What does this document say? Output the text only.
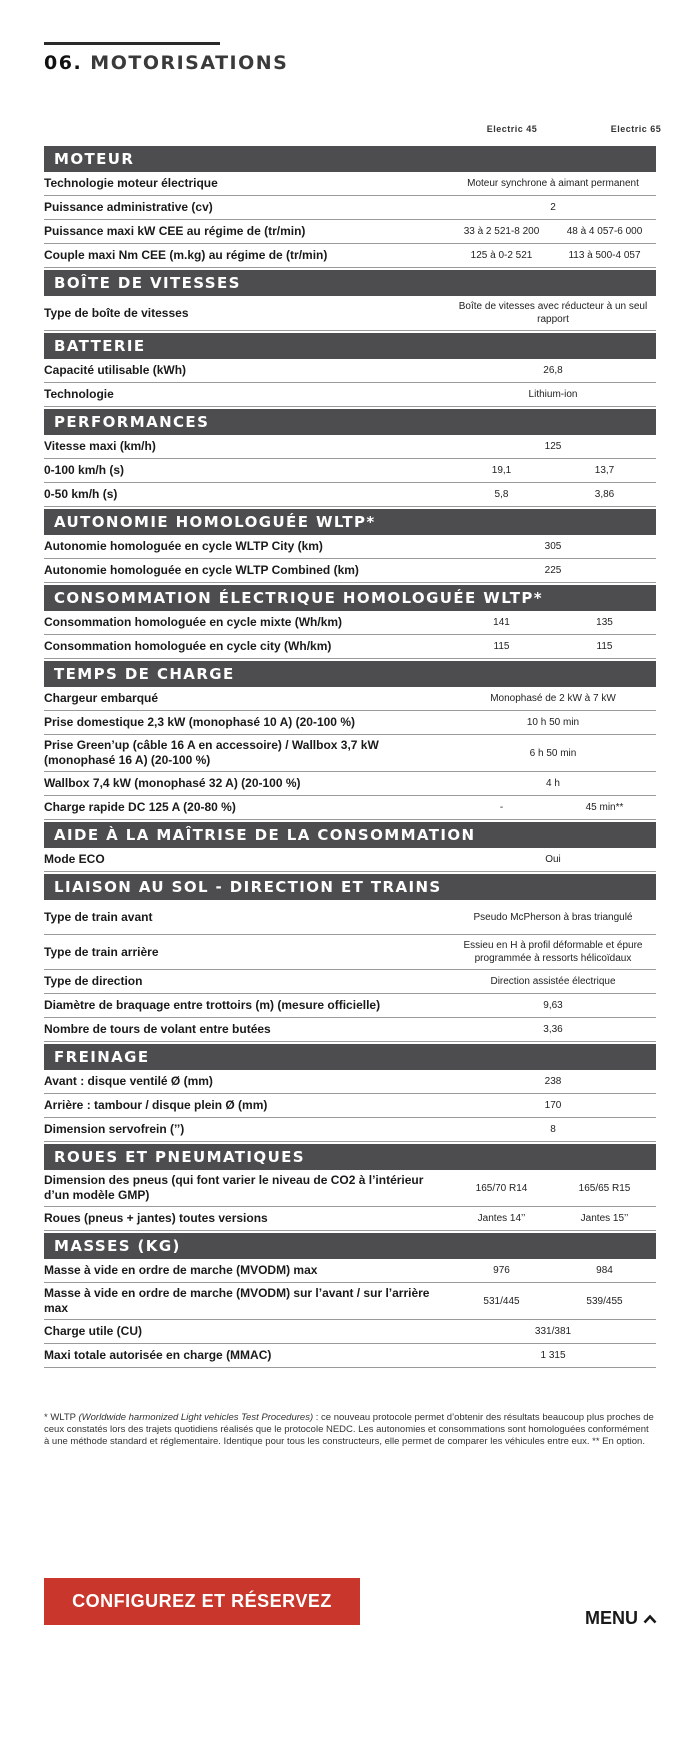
06. MOTORISATIONS
Electric 45	Electric 65
MOTEUR
Technologie moteur électrique	Moteur synchrone à aimant permanent
Puissance administrative (cv)	2
Puissance maxi kW CEE au régime de (tr/min)	33 à 2 521-8 200	48 à 4 057-6 000
Couple maxi Nm CEE (m.kg) au régime de (tr/min)	125 à 0-2 521	113 à 500-4 057
BOÎTE DE VITESSES
Type de boîte de vitesses	Boîte de vitesses avec réducteur à un seul rapport
BATTERIE
Capacité utilisable (kWh)	26,8
Technologie	Lithium-ion
PERFORMANCES
Vitesse maxi (km/h)	125
0-100 km/h (s)	19,1	13,7
0-50 km/h (s)	5,8	3,86
AUTONOMIE HOMOLOGUÉE WLTP*
Autonomie homologuée en cycle WLTP City (km)	305
Autonomie homologuée en cycle WLTP Combined (km)	225
CONSOMMATION ÉLECTRIQUE HOMOLOGUÉE WLTP*
Consommation homologuée en cycle mixte (Wh/km)	141	135
Consommation homologuée en cycle city (Wh/km)	115	115
TEMPS DE CHARGE
Chargeur embarqué	Monophasé de 2 kW à 7 kW
Prise domestique 2,3 kW (monophasé 10 A) (20-100 %)	10 h 50 min
Prise Green’up (câble 16 A en accessoire) / Wallbox 3,7 kW (monophasé 16 A) (20-100 %)	6 h 50 min
Wallbox 7,4 kW (monophasé 32 A) (20-100 %)	4 h
Charge rapide DC 125 A (20-80 %)	-	45 min**
AIDE À LA MAÎTRISE DE LA CONSOMMATION
Mode ECO	Oui
LIAISON AU SOL - DIRECTION ET TRAINS
Type de train avant	Pseudo McPherson à bras triangulé
Type de train arrière	Essieu en H à profil déformable et épure programmée à ressorts hélicoïdaux
Type de direction	Direction assistée électrique
Diamètre de braquage entre trottoirs (m) (mesure officielle)	9,63
Nombre de tours de volant entre butées	3,36
FREINAGE
Avant : disque ventilé Ø (mm)	238
Arrière : tambour / disque plein Ø (mm)	170
Dimension servofrein (’’)	8
ROUES ET PNEUMATIQUES
Dimension des pneus (qui font varier le niveau de CO2 à l’intérieur d’un modèle GMP)	165/70 R14	165/65 R15
Roues (pneus + jantes) toutes versions	Jantes 14’’	Jantes 15’’
MASSES (KG)
Masse à vide en ordre de marche (MVODM) max	976	984
Masse à vide en ordre de marche (MVODM) sur l’avant / sur l’arrière max	531/445	539/455
Charge utile (CU)	331/381
Maxi totale autorisée en charge (MMAC)	1 315
* WLTP (Worldwide harmonized Light vehicles Test Procedures) : ce nouveau protocole permet d’obtenir des résultats beaucoup plus proches de ceux constatés lors des trajets quotidiens réalisés que le protocole NEDC. Les autonomies et consommations sont homologuées conformément à une méthode standard et réglementaire. Identique pour tous les constructeurs, elle permet de comparer les véhicules entre eux. ** En option.
CONFIGUREZ ET RÉSERVEZ
MENU
